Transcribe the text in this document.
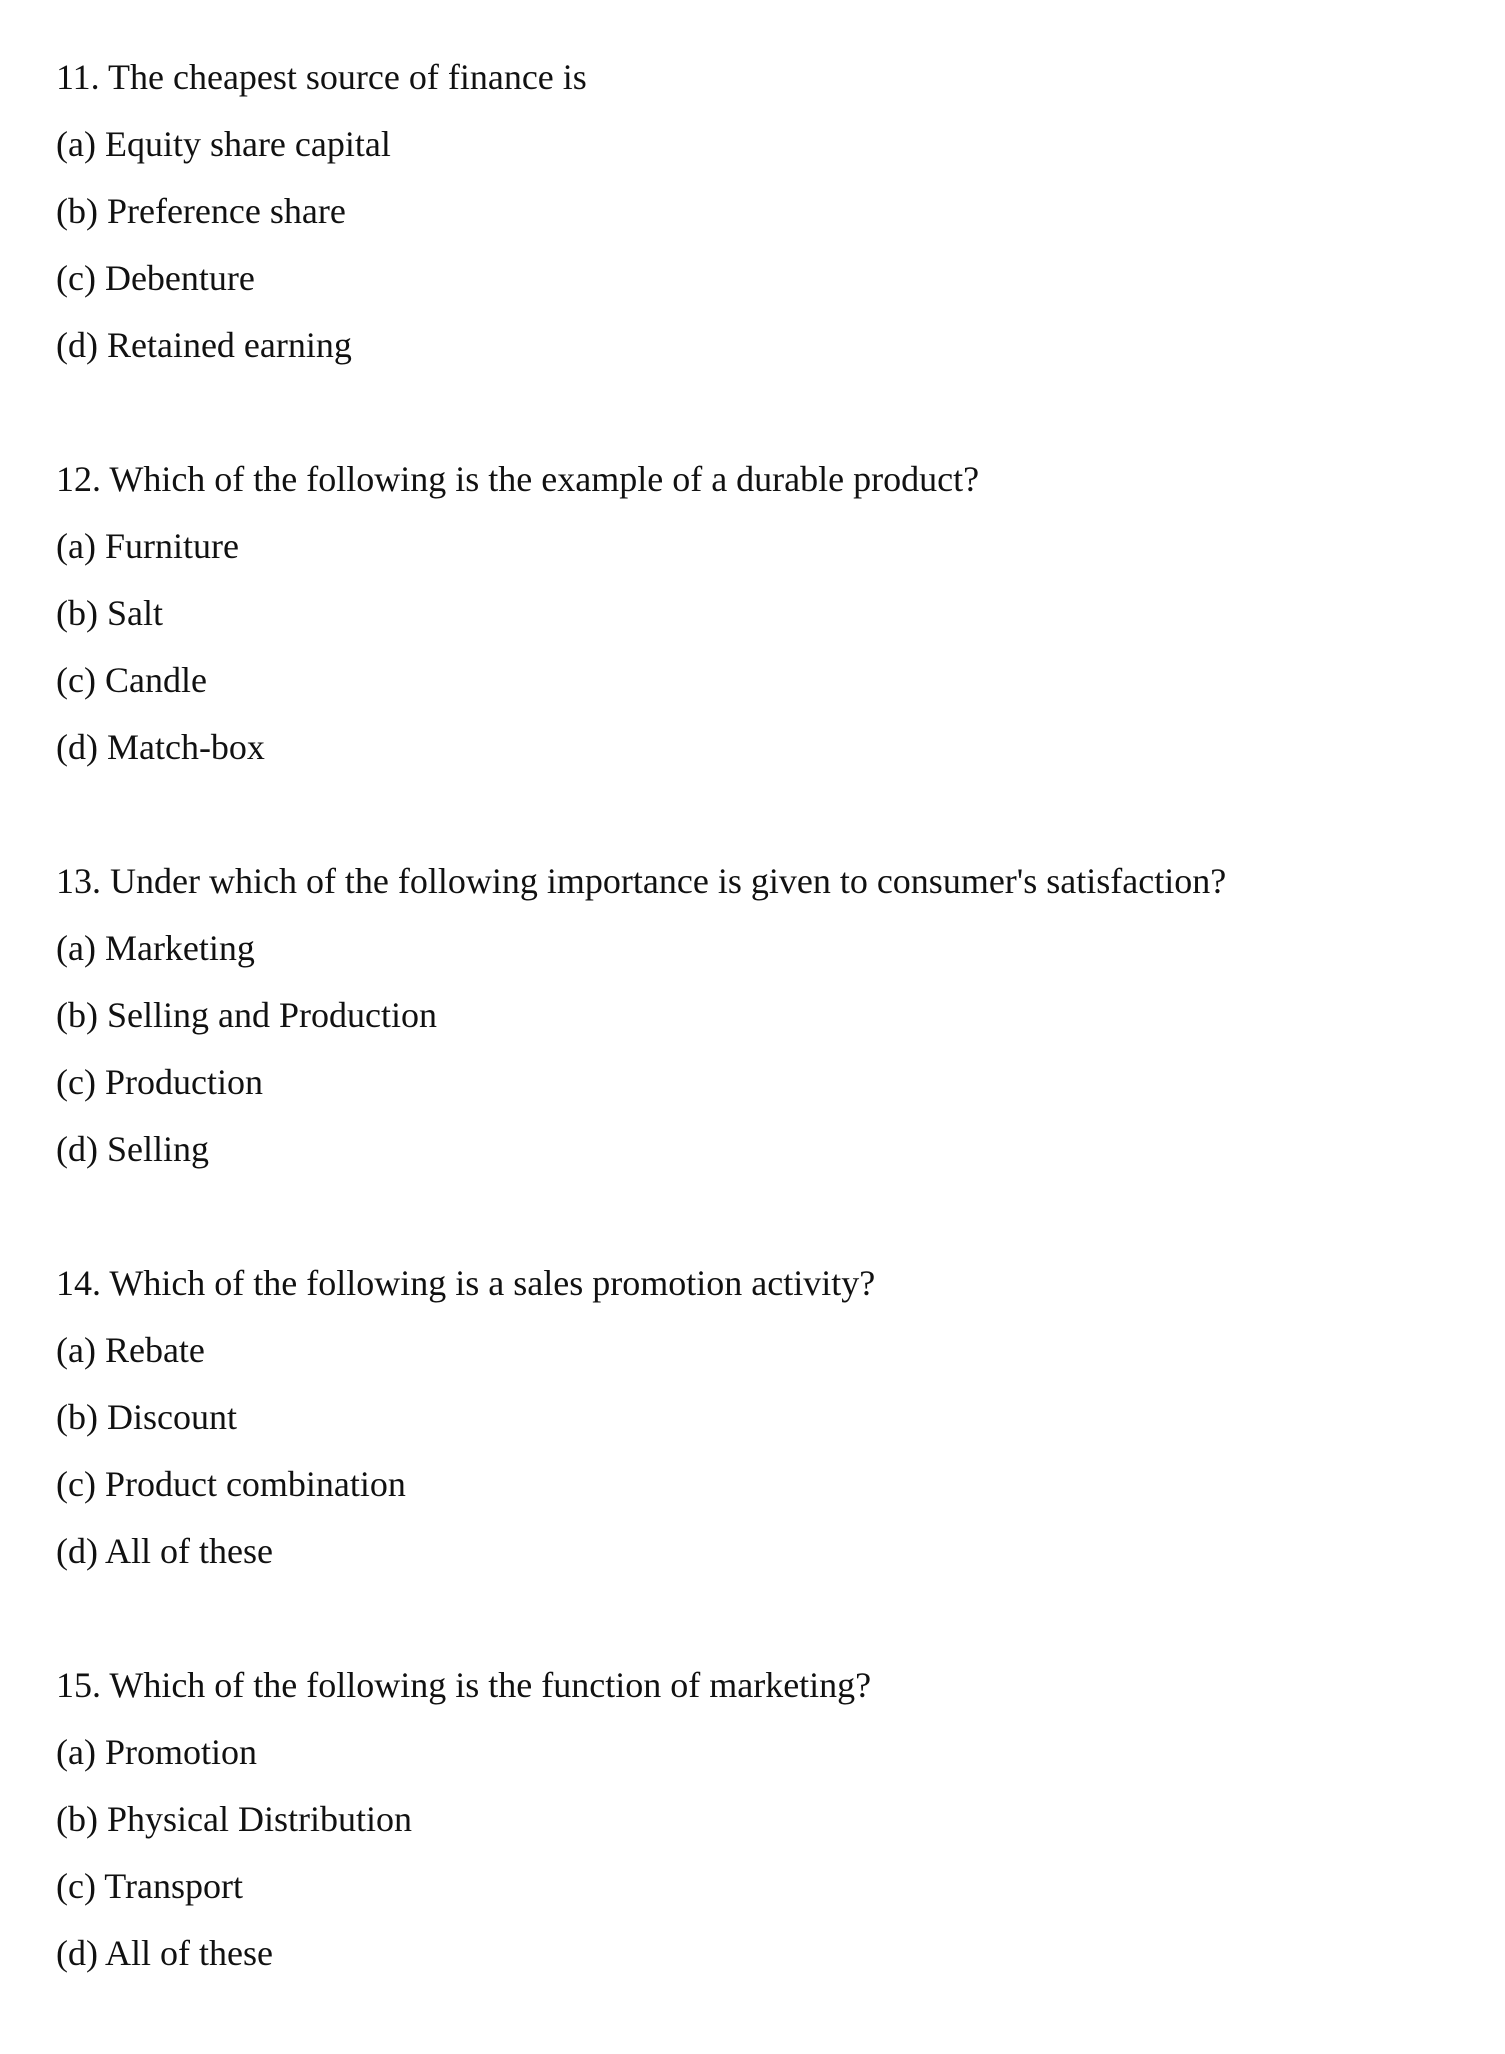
11. The cheapest source of finance is
(a) Equity share capital
(b) Preference share
(c) Debenture
(d) Retained earning
12. Which of the following is the example of a durable product?
(a) Furniture
(b) Salt
(c) Candle
(d) Match-box
13. Under which of the following importance is given to consumer's satisfaction?
(a) Marketing
(b) Selling and Production
(c) Production
(d) Selling
14. Which of the following is a sales promotion activity?
(a) Rebate
(b) Discount
(c) Product combination
(d) All of these
15. Which of the following is the function of marketing?
(a) Promotion
(b) Physical Distribution
(c) Transport
(d) All of these
